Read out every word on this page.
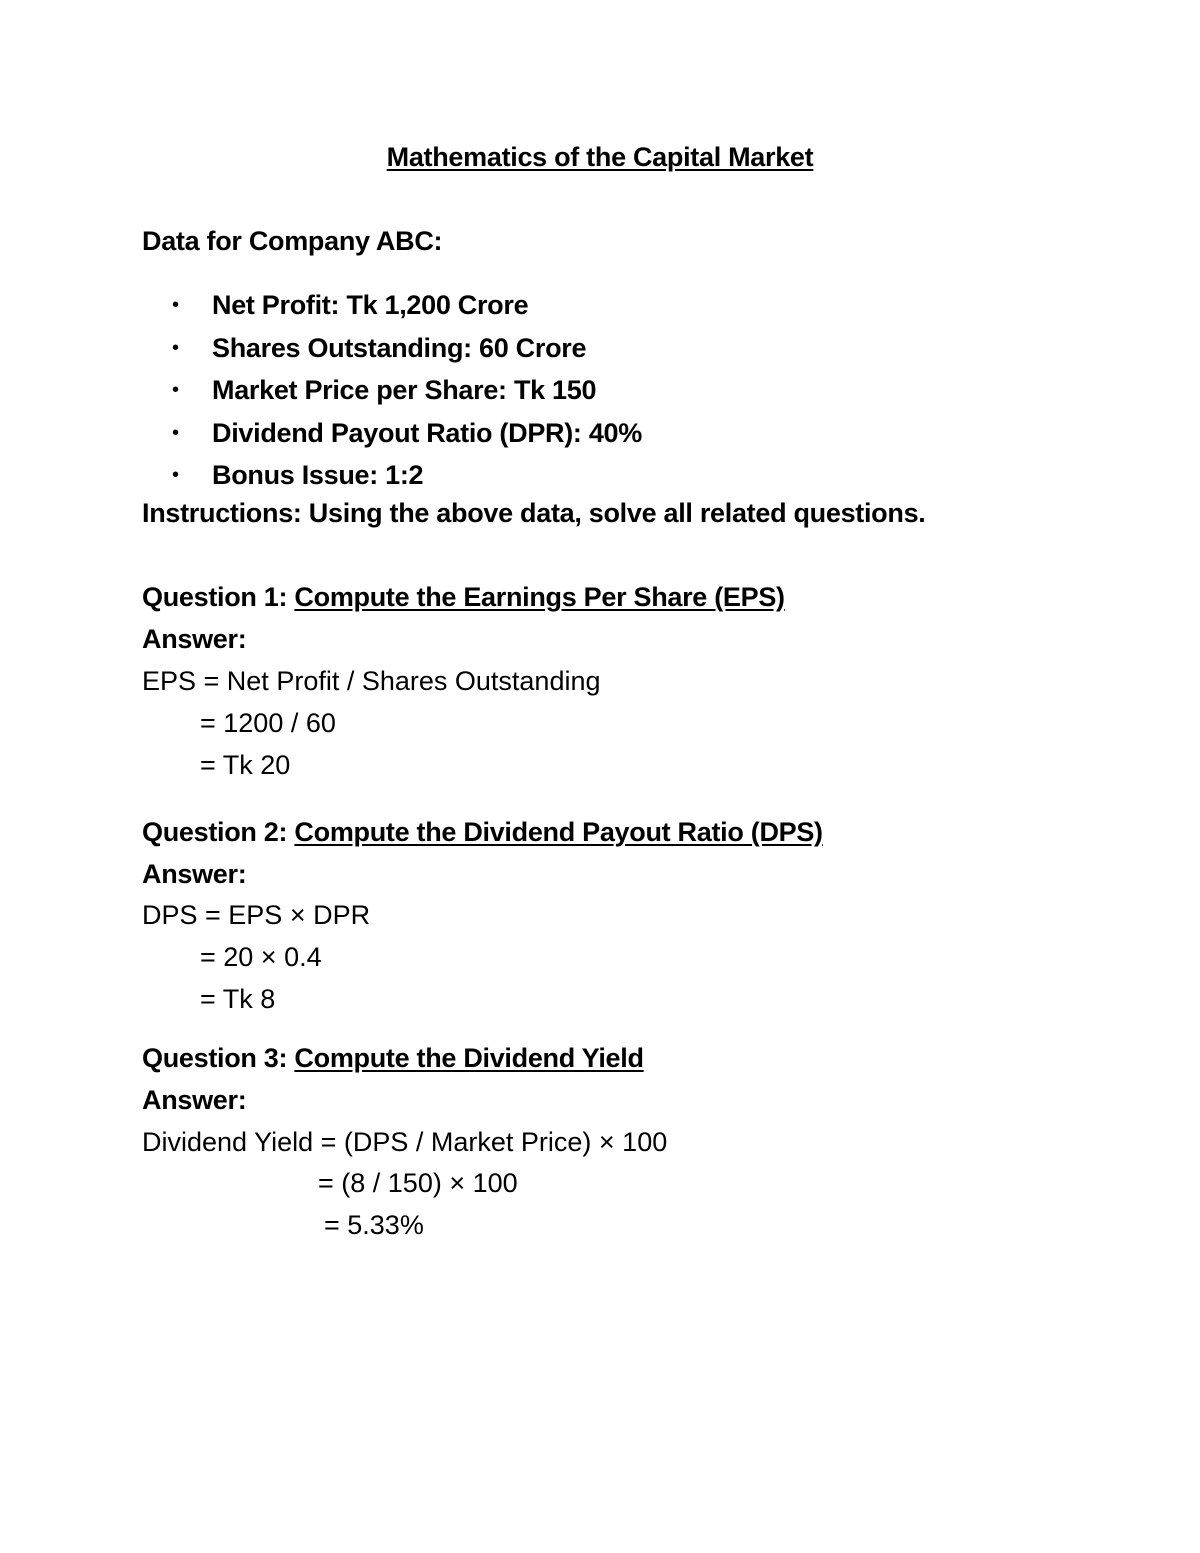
Mathematics of the Capital Market
Data for Company ABC:
• Net Profit: Tk 1,200 Crore
• Shares Outstanding: 60 Crore
• Market Price per Share: Tk 150
• Dividend Payout Ratio (DPR): 40%
• Bonus Issue: 1:2
Instructions: Using the above data, solve all related questions.
Question 1: Compute the Earnings Per Share (EPS)
Answer:
EPS = Net Profit / Shares Outstanding
= 1200 / 60
= Tk 20
Question 2: Compute the Dividend Payout Ratio (DPS)
Answer:
DPS = EPS × DPR
= 20 × 0.4
= Tk 8
Question 3: Compute the Dividend Yield
Answer:
Dividend Yield = (DPS / Market Price) × 100
= (8 / 150) × 100
= 5.33%
